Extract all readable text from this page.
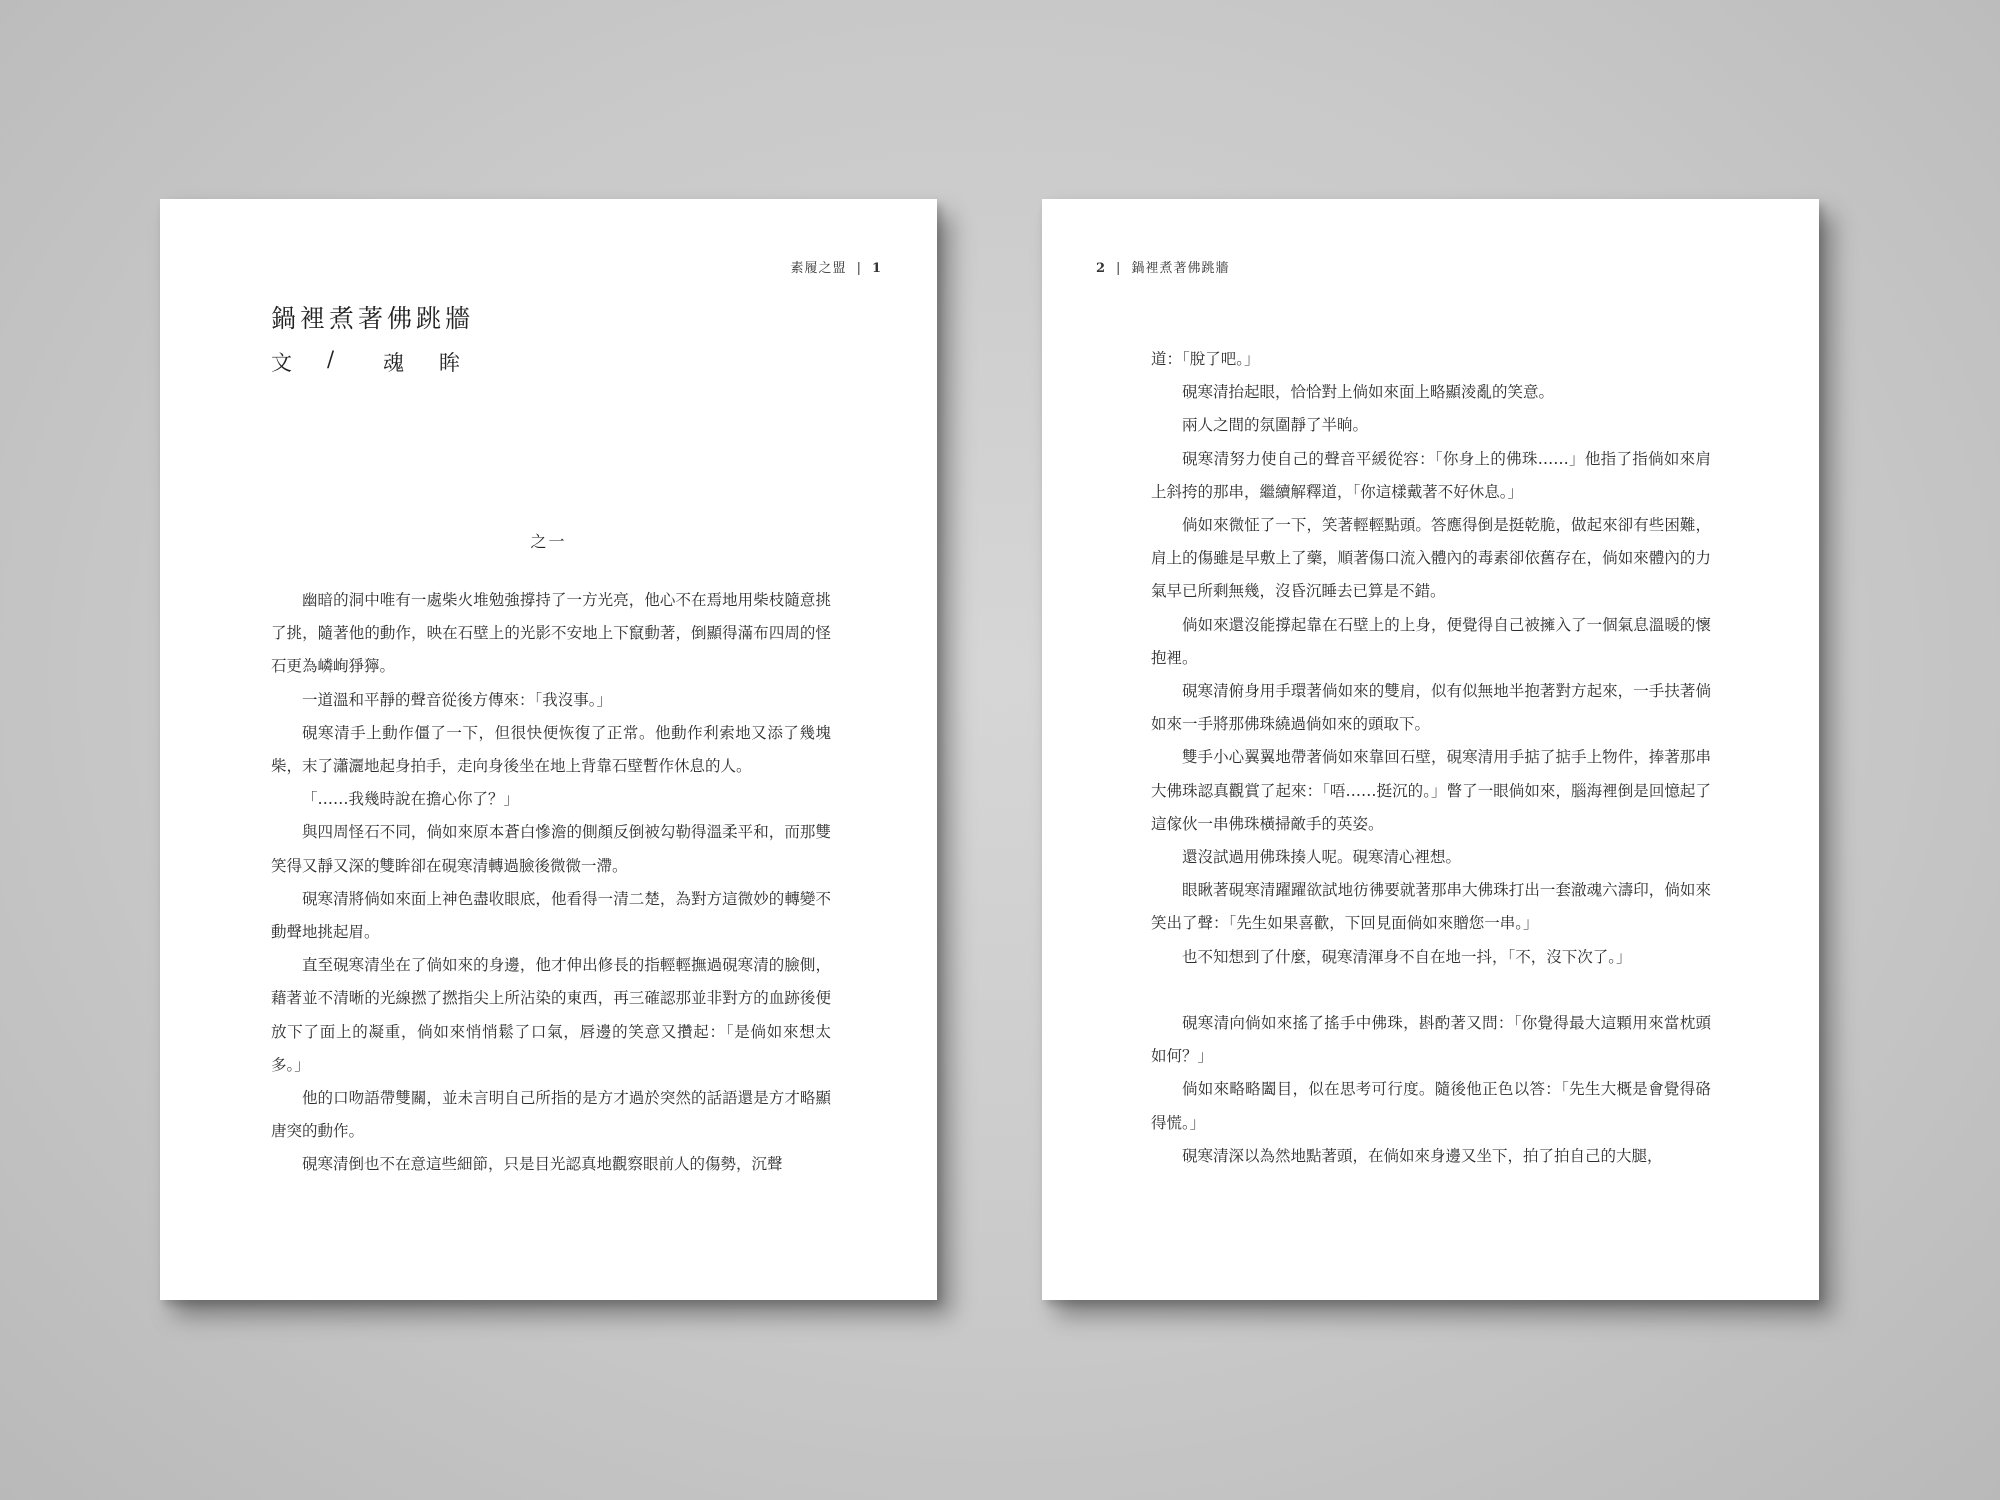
素履之盟 | 1
鍋裡煮著佛跳牆
文	/	魂	眸
之一

幽暗的洞中唯有一處柴火堆勉強撐持了一方光亮，他心不在焉地用柴枝隨意挑了挑，隨著他的動作，映在石壁上的光影不安地上下竄動著，倒顯得滿布四周的怪石更為嶙峋猙獰。

一道溫和平靜的聲音從後方傳來：「我沒事。」

硯寒清手上動作僵了一下，但很快便恢復了正常。他動作利索地又添了幾塊柴，末了瀟灑地起身拍手，走向身後坐在地上背靠石壁暫作休息的人。

「……我幾時說在擔心你了？」

與四周怪石不同，倘如來原本蒼白慘澹的側顏反倒被勾勒得溫柔平和，而那雙笑得又靜又深的雙眸卻在硯寒清轉過臉後微微一滯。

硯寒清將倘如來面上神色盡收眼底，他看得一清二楚，為對方這微妙的轉變不動聲地挑起眉。

直至硯寒清坐在了倘如來的身邊，他才伸出修長的指輕輕撫過硯寒清的臉側，藉著並不清晰的光線撚了撚指尖上所沾染的東西，再三確認那並非對方的血跡後便放下了面上的凝重，倘如來悄悄鬆了口氣，唇邊的笑意又攢起：「是倘如來想太多。」

他的口吻語帶雙關，並未言明自己所指的是方才過於突然的話語還是方才略顯唐突的動作。

硯寒清倒也不在意這些細節，只是目光認真地觀察眼前人的傷勢，沉聲

2 | 鍋裡煮著佛跳牆

道：「脫了吧。」

硯寒清抬起眼，恰恰對上倘如來面上略顯淩亂的笑意。

兩人之間的氛圍靜了半晌。

硯寒清努力使自己的聲音平緩從容：「你身上的佛珠……」他指了指倘如來肩上斜挎的那串，繼續解釋道，「你這樣戴著不好休息。」

倘如來微怔了一下，笑著輕輕點頭。答應得倒是挺乾脆，做起來卻有些困難，肩上的傷雖是早敷上了藥，順著傷口流入體內的毒素卻依舊存在，倘如來體內的力氣早已所剩無幾，沒昏沉睡去已算是不錯。

倘如來還沒能撐起靠在石壁上的上身，便覺得自己被擁入了一個氣息溫暖的懷抱裡。

硯寒清俯身用手環著倘如來的雙肩，似有似無地半抱著對方起來，一手扶著倘如來一手將那佛珠繞過倘如來的頭取下。

雙手小心翼翼地帶著倘如來靠回石壁，硯寒清用手掂了掂手上物件，捧著那串大佛珠認真觀賞了起來：「唔……挺沉的。」瞥了一眼倘如來，腦海裡倒是回憶起了這傢伙一串佛珠橫掃敵手的英姿。

還沒試過用佛珠揍人呢。硯寒清心裡想。

眼瞅著硯寒清躍躍欲試地彷彿要就著那串大佛珠打出一套澈魂六濤印，倘如來笑出了聲：「先生如果喜歡，下回見面倘如來贈您一串。」

也不知想到了什麼，硯寒清渾身不自在地一抖，「不，沒下次了。」

硯寒清向倘如來搖了搖手中佛珠，斟酌著又問：「你覺得最大這顆用來當枕頭如何？」

倘如來略略闔目，似在思考可行度。隨後他正色以答：「先生大概是會覺得硌得慌。」

硯寒清深以為然地點著頭，在倘如來身邊又坐下，拍了拍自己的大腿，
